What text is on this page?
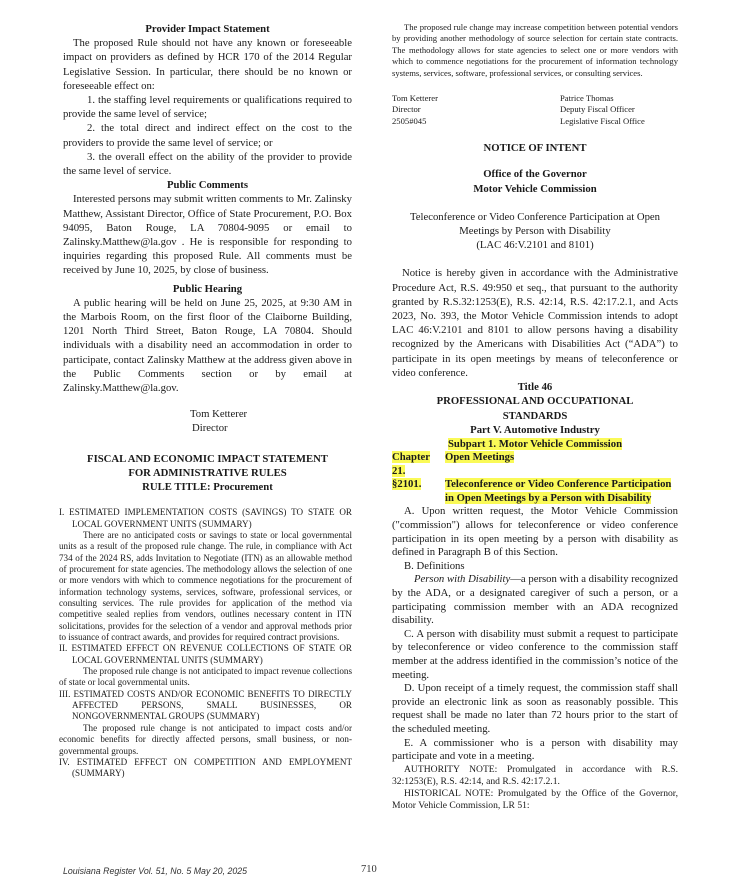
Provider Impact Statement

The proposed Rule should not have any known or foreseeable impact on providers as defined by HCR 170 of the 2014 Regular Legislative Session. In particular, there should be no known or foreseeable effect on:

1. the staffing level requirements or qualifications required to provide the same level of service;

2. the total direct and indirect effect on the cost to the providers to provide the same level of service; or

3. the overall effect on the ability of the provider to provide the same level of service.

Public Comments

Interested persons may submit written comments to Mr. Zalinsky Matthew, Assistant Director, Office of State Procurement, P.O. Box 94095, Baton Rouge, LA 70804-9095 or email to Zalinsky.Matthew@la.gov . He is responsible for responding to inquiries regarding this proposed Rule. All comments must be received by June 10, 2025, by close of business.

Public Hearing

A public hearing will be held on June 25, 2025, at 9:30 AM in the Marbois Room, on the first floor of the Claiborne Building, 1201 North Third Street, Baton Rouge, LA 70804. Should individuals with a disability need an accommodation in order to participate, contact Zalinsky Matthew at the address given above in the Public Comments section or by email at Zalinsky.Matthew@la.gov.

Tom Ketterer

Director

FISCAL AND ECONOMIC IMPACT STATEMENT

FOR ADMINISTRATIVE RULES

RULE TITLE: Procurement

I. ESTIMATED IMPLEMENTATION COSTS (SAVINGS) TO STATE OR LOCAL GOVERNMENT UNITS (SUMMARY)

There are no anticipated costs or savings to state or local governmental units as a result of the proposed rule change. The rule, in compliance with Act 734 of the 2024 RS, adds Invitation to Negotiate (ITN) as an allowable method of procurement for state agencies. The methodology allows the selection of one or more vendors with which to commence negotiations for the procurement of information technology systems, services, software, professional services, or consulting services. The rule provides for application of the method via competitive sealed replies from vendors, outlines necessary content in ITN solicitations, provides for the selection of a vendor and approval methods prior to issuance of contract awards, and provides for required contract provisions.

II. ESTIMATED EFFECT ON REVENUE COLLECTIONS OF STATE OR LOCAL GOVERNMENTAL UNITS (SUMMARY)

The proposed rule change is not anticipated to impact revenue collections of state or local governmental units.

III. ESTIMATED COSTS AND/OR ECONOMIC BENEFITS TO DIRECTLY AFFECTED PERSONS, SMALL BUSINESSES, OR NONGOVERNMENTAL GROUPS (SUMMARY)

The proposed rule change is not anticipated to impact costs and/or economic benefits for directly affected persons, small business, or non-governmental groups.

IV. ESTIMATED EFFECT ON COMPETITION AND EMPLOYMENT (SUMMARY)

The proposed rule change may increase competition between potential vendors by providing another methodology of source selection for certain state contracts. The methodology allows for state agencies to select one or more vendors with which to commence negotiations for the procurement of information technology systems, services, software, professional services, or consulting services.

Tom Ketterer	Patrice Thomas
Director	Deputy Fiscal Officer
2505#045	Legislative Fiscal Office

NOTICE OF INTENT

Office of the Governor

Motor Vehicle Commission

Teleconference or Video Conference Participation at Open

Meetings by Person with Disability

(LAC 46:V.2101 and 8101)

Notice is hereby given in accordance with the Administrative Procedure Act, R.S. 49:950 et seq., that pursuant to the authority granted by R.S.32:1253(E), R.S. 42:14, R.S. 42:17.2.1, and Acts 2023, No. 393, the Motor Vehicle Commission intends to adopt LAC 46:V.2101 and 8101 to allow persons having a disability recognized by the Americans with Disabilities Act (“ADA”) to participate in its open meetings by means of teleconference or video conference.

Title 46

PROFESSIONAL AND OCCUPATIONAL

STANDARDS

Part V. Automotive Industry

Subpart 1. Motor Vehicle Commission

Chapter 21.
Open Meetings
§2101.	Teleconference or Video Conference Participation in Open Meetings by a Person with Disability

A. Upon written request, the Motor Vehicle Commission ("commission") allows for teleconference or video conference participation in its open meeting by a person with disability as defined in Paragraph B of this Section.

B. Definitions

Person with Disability—a person with a disability recognized by the ADA, or a designated caregiver of such a person, or a participating commission member with an ADA recognized disability.

C. A person with disability must submit a request to participate by teleconference or video conference to the commission staff member at the address identified in the commission’s notice of the meeting.

D. Upon receipt of a timely request, the commission staff shall provide an electronic link as soon as reasonably possible. This request shall be made no later than 72 hours prior to the start of the scheduled meeting.

E. A commissioner who is a person with disability may participate and vote in a meeting.

AUTHORITY NOTE: Promulgated in accordance with R.S. 32:1253(E), R.S. 42:14, and R.S. 42:17.2.1.

HISTORICAL NOTE: Promulgated by the Office of the Governor, Motor Vehicle Commission, LR 51:

Louisiana Register Vol. 51, No. 5 May 20, 2025	710
